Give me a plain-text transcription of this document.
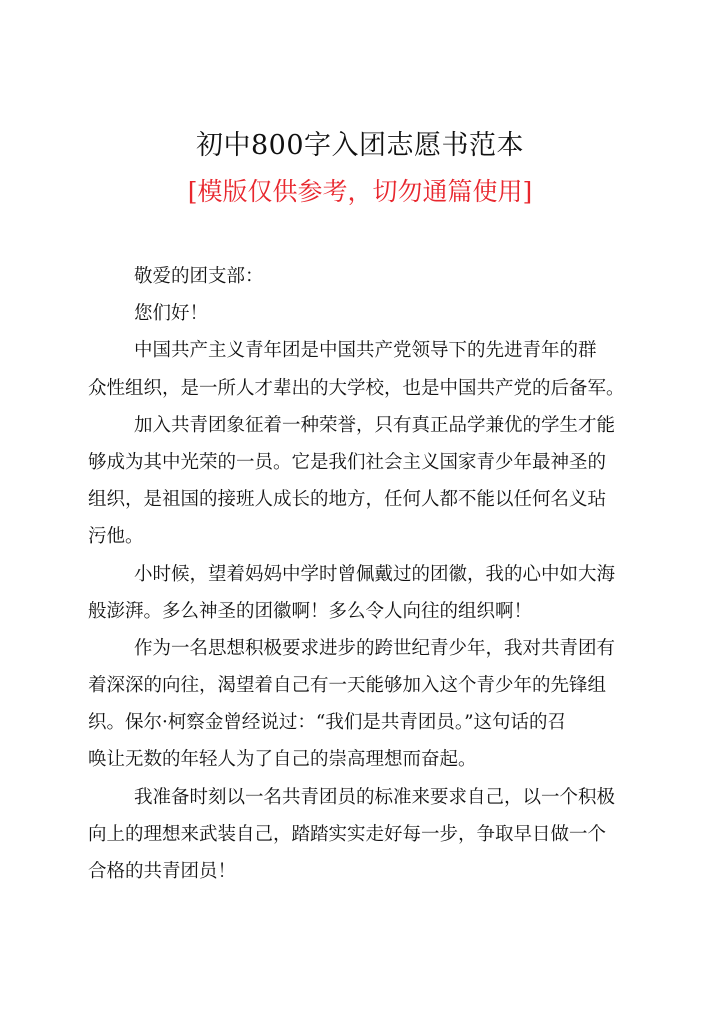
初中800字入团志愿书范本
[模版仅供参考，切勿通篇使用]
敬爱的团支部：
您们好！
中国共产主义青年团是中国共产党领导下的先进青年的群
众性组织，是一所人才辈出的大学校，也是中国共产党的后备军。
加入共青团象征着一种荣誉，只有真正品学兼优的学生才能
够成为其中光荣的一员。它是我们社会主义国家青少年最神圣的
组织，是祖国的接班人成长的地方，任何人都不能以任何名义玷
污他。
小时候，望着妈妈中学时曾佩戴过的团徽，我的心中如大海
般澎湃。多么神圣的团徽啊！多么令人向往的组织啊！
作为一名思想积极要求进步的跨世纪青少年，我对共青团有
着深深的向往，渴望着自己有一天能够加入这个青少年的先锋组
织。保尔·柯察金曾经说过：“我们是共青团员。”这句话的召
唤让无数的年轻人为了自己的崇高理想而奋起。
我准备时刻以一名共青团员的标准来要求自己，以一个积极
向上的理想来武装自己，踏踏实实走好每一步，争取早日做一个
合格的共青团员！
